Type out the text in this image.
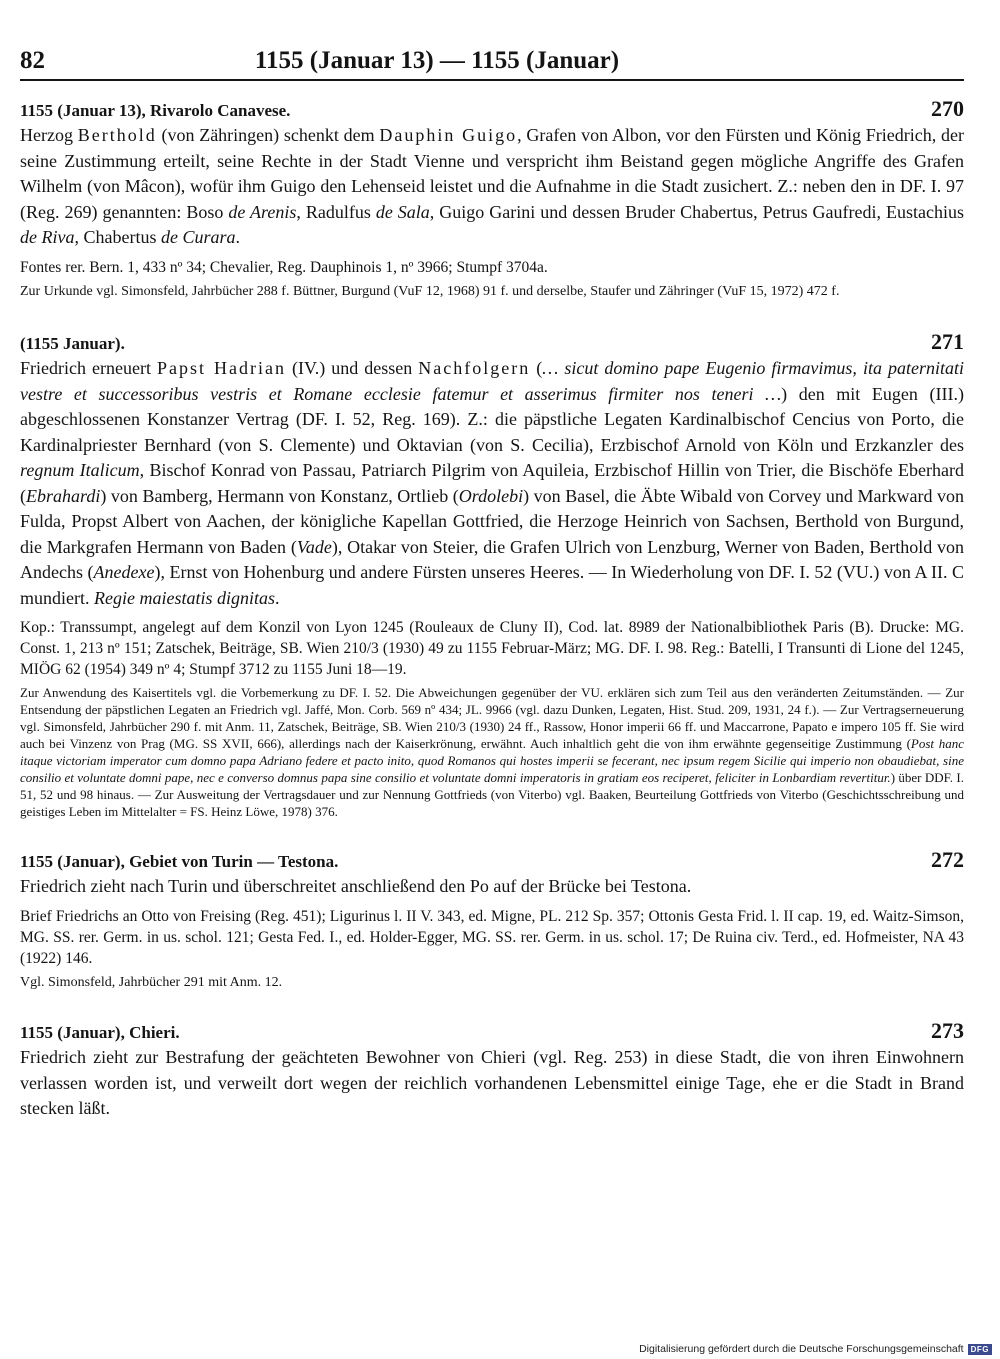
82	1155 (Januar 13) — 1155 (Januar)
1155 (Januar 13), Rivarolo Canavese.	270

Herzog Berthold (von Zähringen) schenkt dem Dauphin Guigo, Grafen von Albon, vor den Fürsten und König Friedrich, der seine Zustimmung erteilt, seine Rechte in der Stadt Vienne und verspricht ihm Beistand gegen mögliche Angriffe des Grafen Wilhelm (von Mâcon), wofür ihm Guigo den Lehenseid leistet und die Aufnahme in die Stadt zusichert. Z.: neben den in DF. I. 97 (Reg. 269) genannten: Boso de Arenis, Radulfus de Sala, Guigo Garini und dessen Bruder Chabertus, Petrus Gaufredi, Eustachius de Riva, Chabertus de Curara.

Fontes rer. Bern. 1, 433 nº 34; Chevalier, Reg. Dauphinois 1, nº 3966; Stumpf 3704a.

Zur Urkunde vgl. Simonsfeld, Jahrbücher 288 f. Büttner, Burgund (VuF 12, 1968) 91 f. und derselbe, Staufer und Zähringer (VuF 15, 1972) 472 f.

(1155 Januar).	271

Friedrich erneuert Papst Hadrian (IV.) und dessen Nachfolgern (… sicut domino pape Eugenio firmavimus, ita paternitati vestre et successoribus vestris et Romane ecclesie fatemur et asserimus firmiter nos teneri …) den mit Eugen (III.) abgeschlossenen Konstanzer Vertrag (DF. I. 52, Reg. 169). Z.: die päpstliche Legaten Kardinalbischof Cencius von Porto, die Kardinalpriester Bernhard (von S. Clemente) und Oktavian (von S. Cecilia), Erzbischof Arnold von Köln und Erzkanzler des regnum Italicum, Bischof Konrad von Passau, Patriarch Pilgrim von Aquileia, Erzbischof Hillin von Trier, die Bischöfe Eberhard (Ebrahardi) von Bamberg, Hermann von Konstanz, Ortlieb (Ordolebi) von Basel, die Äbte Wibald von Corvey und Markward von Fulda, Propst Albert von Aachen, der königliche Kapellan Gottfried, die Herzoge Heinrich von Sachsen, Berthold von Burgund, die Markgrafen Hermann von Baden (Vade), Otakar von Steier, die Grafen Ulrich von Lenzburg, Werner von Baden, Berthold von Andechs (Anedexe), Ernst von Hohenburg und andere Fürsten unseres Heeres. — In Wiederholung von DF. I. 52 (VU.) von A II. C mundiert. Regie maiestatis dignitas.

Kop.: Transsumpt, angelegt auf dem Konzil von Lyon 1245 (Rouleaux de Cluny II), Cod. lat. 8989 der Nationalbibliothek Paris (B). Drucke: MG. Const. 1, 213 nº 151; Zatschek, Beiträge, SB. Wien 210/3 (1930) 49 zu 1155 Februar-März; MG. DF. I. 98. Reg.: Batelli, I Transunti di Lione del 1245, MIÖG 62 (1954) 349 nº 4; Stumpf 3712 zu 1155 Juni 18—19.

Zur Anwendung des Kaisertitels vgl. die Vorbemerkung zu DF. I. 52. Die Abweichungen gegenüber der VU. erklären sich zum Teil aus den veränderten Zeitumständen. — Zur Entsendung der päpstlichen Legaten an Friedrich vgl. Jaffé, Mon. Corb. 569 nº 434; JL. 9966 (vgl. dazu Dunken, Legaten, Hist. Stud. 209, 1931, 24 f.). — Zur Vertragserneuerung vgl. Simonsfeld, Jahrbücher 290 f. mit Anm. 11, Zatschek, Beiträge, SB. Wien 210/3 (1930) 24 ff., Rassow, Honor imperii 66 ff. und Maccarrone, Papato e impero 105 ff. Sie wird auch bei Vinzenz von Prag (MG. SS XVII, 666), allerdings nach der Kaiserkrönung, erwähnt. Auch inhaltlich geht die von ihm erwähnte gegenseitige Zustimmung (Post hanc itaque victoriam imperator cum domno papa Adriano federe et pacto inito, quod Romanos qui hostes imperii se fecerant, nec ipsum regem Sicilie qui imperio non obaudiebat, sine consilio et voluntate domni pape, nec e converso domnus papa sine consilio et voluntate domni imperatoris in gratiam eos reciperet, feliciter in Lonbardiam revertitur.) über DDF. I. 51, 52 und 98 hinaus. — Zur Ausweitung der Vertragsdauer und zur Nennung Gottfrieds (von Viterbo) vgl. Baaken, Beurteilung Gottfrieds von Viterbo (Geschichtsschreibung und geistiges Leben im Mittelalter = FS. Heinz Löwe, 1978) 376.

1155 (Januar), Gebiet von Turin — Testona.	272

Friedrich zieht nach Turin und überschreitet anschließend den Po auf der Brücke bei Testona.

Brief Friedrichs an Otto von Freising (Reg. 451); Ligurinus l. II V. 343, ed. Migne, PL. 212 Sp. 357; Ottonis Gesta Frid. l. II cap. 19, ed. Waitz-Simson, MG. SS. rer. Germ. in us. schol. 121; Gesta Fed. I., ed. Holder-Egger, MG. SS. rer. Germ. in us. schol. 17; De Ruina civ. Terd., ed. Hofmeister, NA 43 (1922) 146.

Vgl. Simonsfeld, Jahrbücher 291 mit Anm. 12.

1155 (Januar), Chieri.	273

Friedrich zieht zur Bestrafung der geächteten Bewohner von Chieri (vgl. Reg. 253) in diese Stadt, die von ihren Einwohnern verlassen worden ist, und verweilt dort wegen der reichlich vorhandenen Lebensmittel einige Tage, ehe er die Stadt in Brand stecken läßt.

Digitalisierung gefördert durch die Deutsche Forschungsgemeinschaft DFG
